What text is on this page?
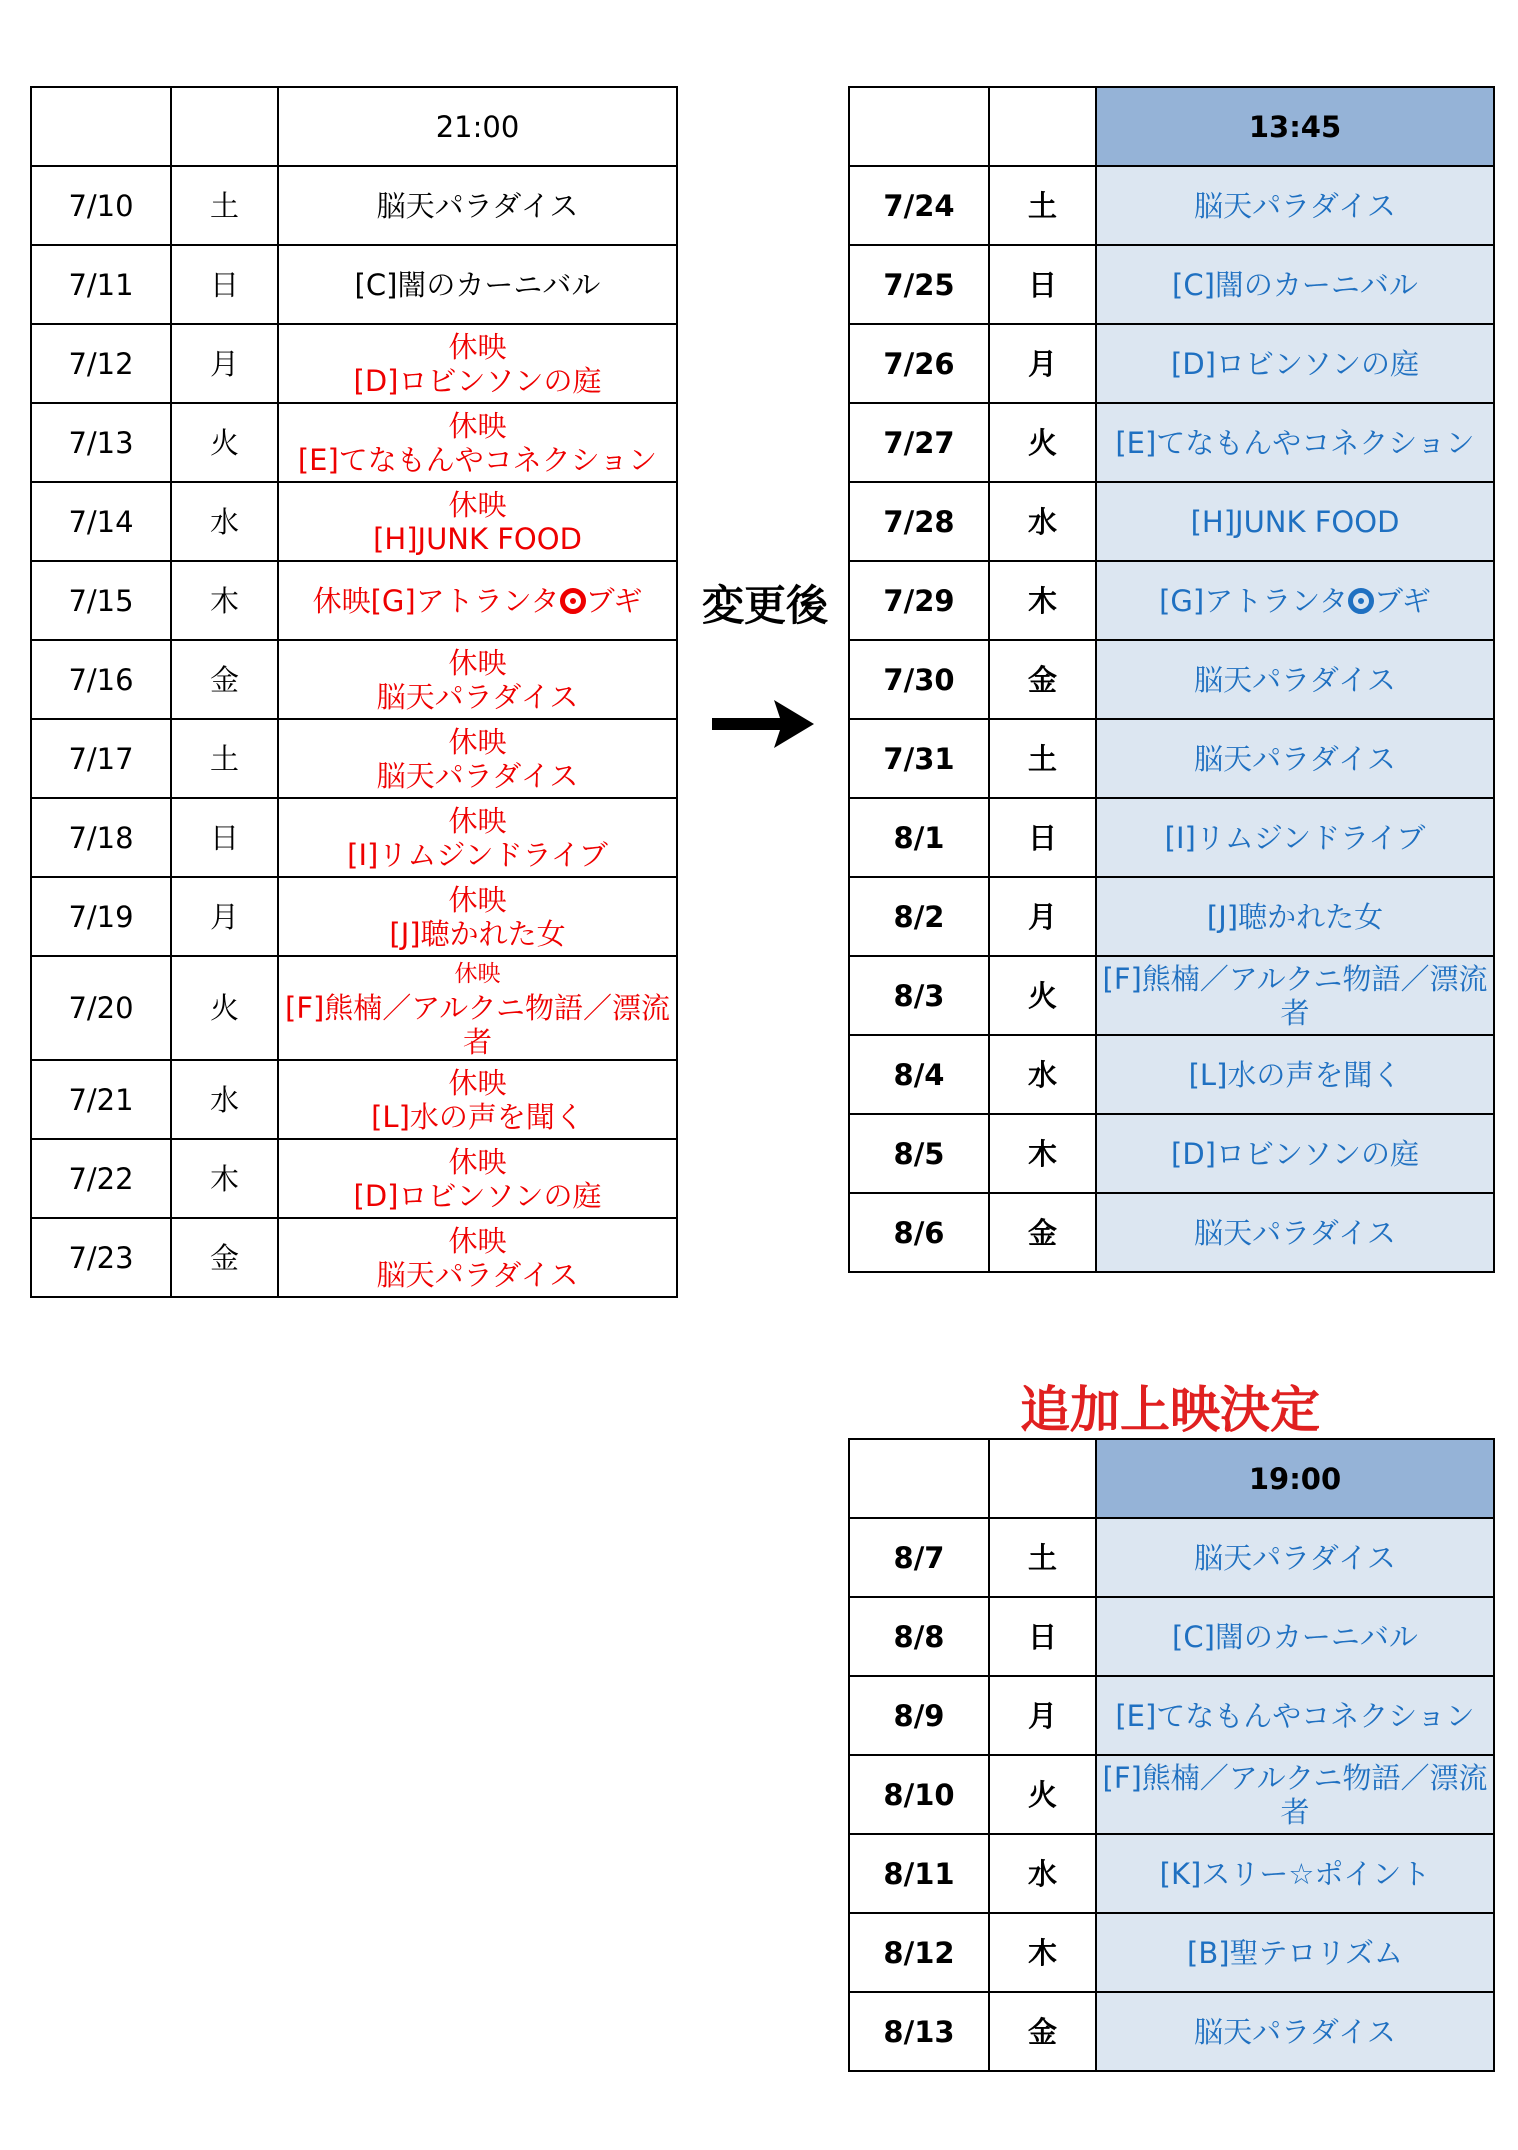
		21:00
7/10	土	脳天パラダイス
7/11	日	[C]闇のカーニバル
7/12	月	休映
[D]ロビンソンの庭

7/13	火	休映
[E]てなもんやコネクション

7/14	水	休映
[H]JUNK FOOD

7/15	木	休映[G]アトランタ ブギ
7/16	金	休映
脳天パラダイス

7/17	土	休映
脳天パラダイス

7/18	日	休映
[I]リムジンドライブ

7/19	月	休映
[J]聴かれた女

7/20	火	休映
[F]熊楠／アルクニ物語／漂流者

7/21	水	休映
[L]水の声を聞く

7/22	木	休映
[D]ロビンソンの庭

7/23	金	休映
脳天パラダイス
変更後
		13:45
7/24	土	脳天パラダイス
7/25	日	[C]闇のカーニバル
7/26	月	[D]ロビンソンの庭
7/27	火	[E]てなもんやコネクション
7/28	水	[H]JUNK FOOD
7/29	木	[G]アトランタ ブギ
7/30	金	脳天パラダイス
7/31	土	脳天パラダイス
8/1	日	[I]リムジンドライブ
8/2	月	[J]聴かれた女
8/3	火	[F]熊楠／アルクニ物語／漂流者
8/4	水	[L]水の声を聞く
8/5	木	[D]ロビンソンの庭
8/6	金	脳天パラダイス
追加上映決定
		19:00
8/7	土	脳天パラダイス
8/8	日	[C]闇のカーニバル
8/9	月	[E]てなもんやコネクション
8/10	火	[F]熊楠／アルクニ物語／漂流者
8/11	水	[K]スリー☆ポイント
8/12	木	[B]聖テロリズム
8/13	金	脳天パラダイス
